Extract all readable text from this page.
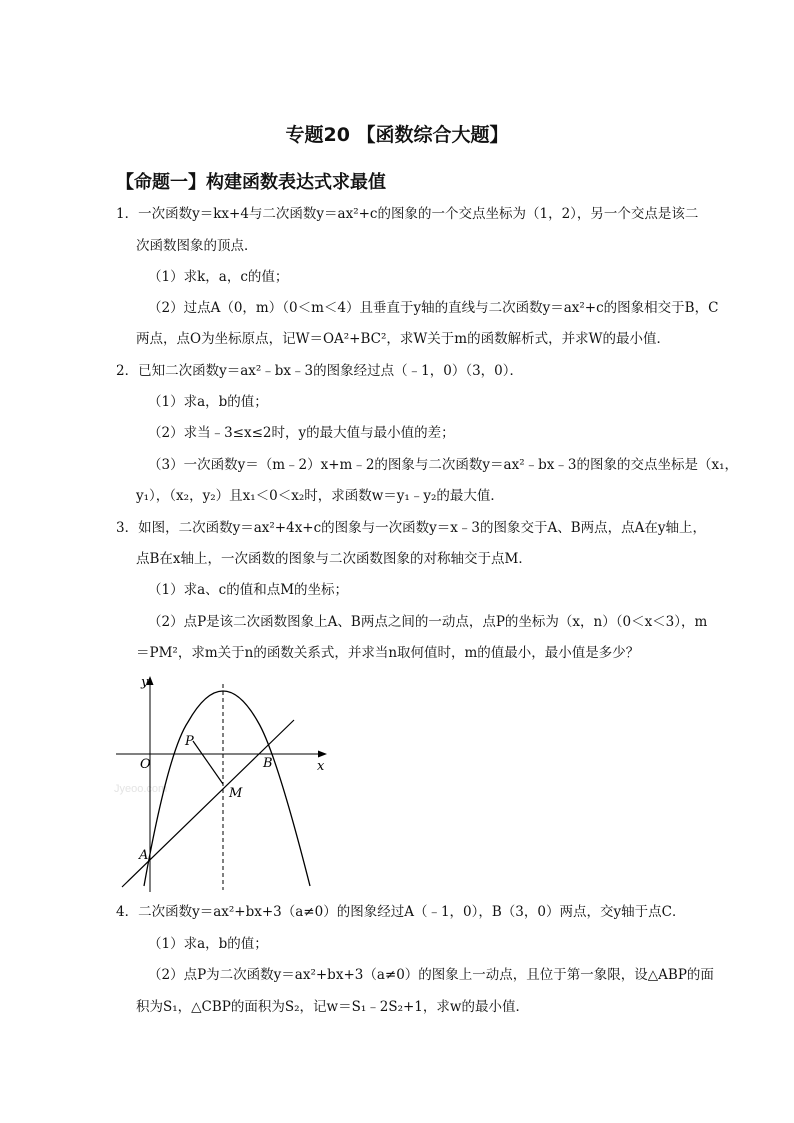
专题20 【函数综合大题】
【命题一】构建函数表达式求最值
1．一次函数y＝kx+4与二次函数y＝ax²+c的图象的一个交点坐标为（1，2），另一个交点是该二
次函数图象的顶点．
（1）求k，a，c的值；
（2）过点A（0，m）（0＜m＜4）且垂直于y轴的直线与二次函数y＝ax²+c的图象相交于B，C
两点，点O为坐标原点，记W＝OA²+BC²，求W关于m的函数解析式，并求W的最小值．
2．已知二次函数y＝ax²﹣bx﹣3的图象经过点（﹣1，0）（3，0）．
（1）求a，b的值；
（2）求当﹣3≤x≤2时，y的最大值与最小值的差；
（3）一次函数y＝（m﹣2）x+m﹣2的图象与二次函数y＝ax²﹣bx﹣3的图象的交点坐标是（x₁，
y₁），（x₂，y₂）且x₁＜0＜x₂时，求函数w＝y₁﹣y₂的最大值．
3．如图，二次函数y＝ax²+4x+c的图象与一次函数y＝x﹣3的图象交于A、B两点，点A在y轴上，
点B在x轴上，一次函数的图象与二次函数图象的对称轴交于点M．
（1）求a、c的值和点M的坐标；
（2）点P是该二次函数图象上A、B两点之间的一动点，点P的坐标为（x，n）（0＜x＜3），m
＝PM²，求m关于n的函数关系式，并求当n取何值时，m的值最小，最小值是多少？
Jyeoo.com
y
x
O
P
B
M
A
4．二次函数y＝ax²+bx+3（a≠0）的图象经过A（﹣1，0），B（3，0）两点，交y轴于点C．
（1）求a，b的值；
（2）点P为二次函数y＝ax²+bx+3（a≠0）的图象上一动点，且位于第一象限，设△ABP的面
积为S₁，△CBP的面积为S₂，记w＝S₁﹣2S₂+1，求w的最小值．
